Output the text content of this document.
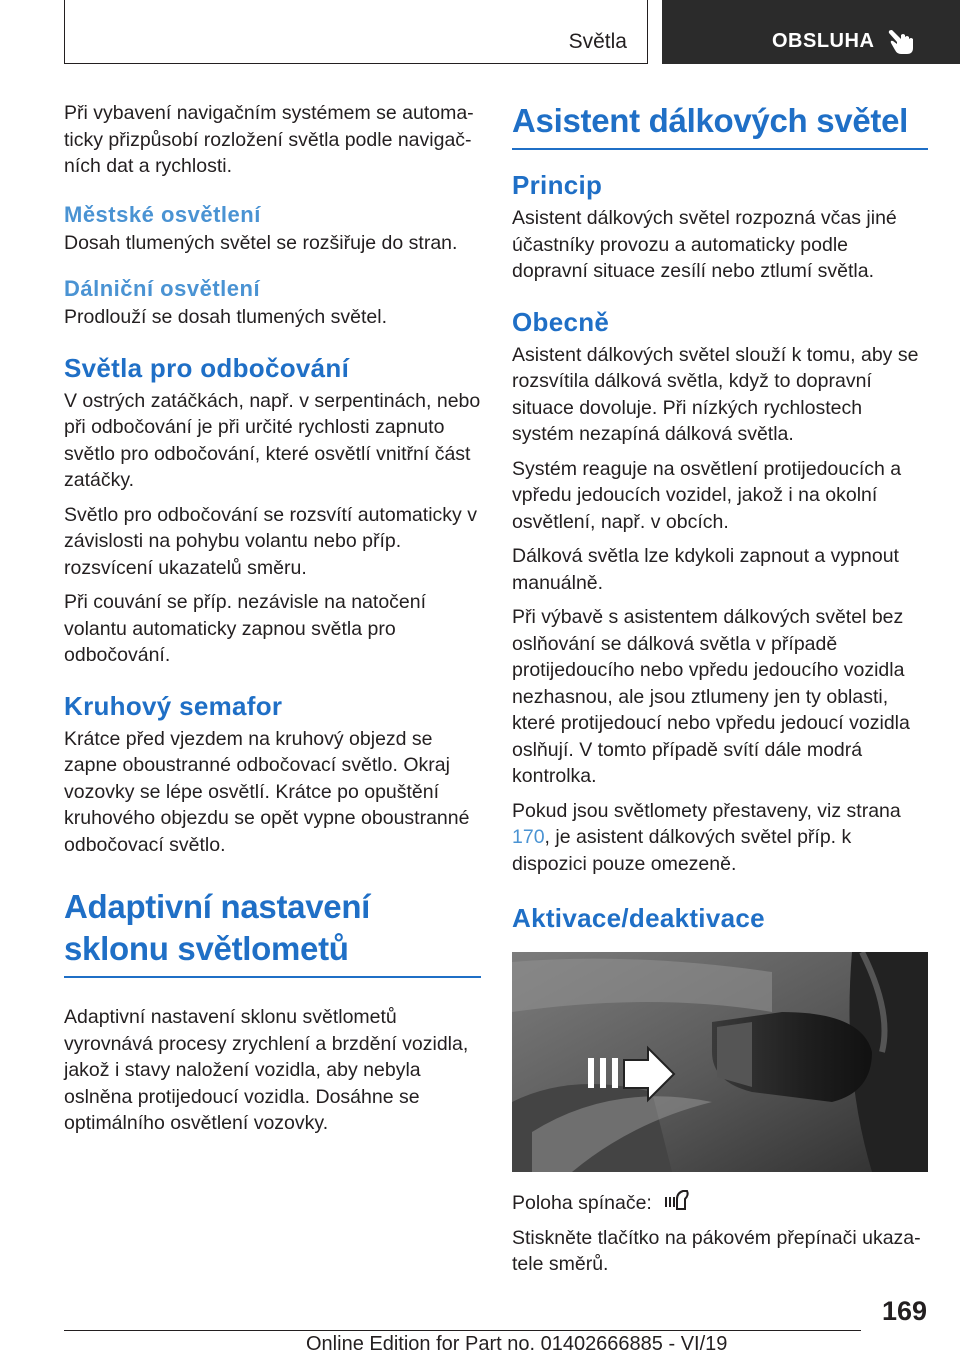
Světla	OBSLUHA

Při vybavení navigačním systémem se automaticky přizpůsobí rozložení světla podle navigačních dat a rychlosti.

Městské osvětlení

Dosah tlumených světel se rozšiřuje do stran.

Dálniční osvětlení

Prodlouží se dosah tlumených světel.

Světla pro odbočování

V ostrých zatáčkách, např. v serpentinách, nebo při odbočování je při určité rychlosti zapnuto světlo pro odbočování, které osvětlí vnitřní část zatáčky.

Světlo pro odbočování se rozsvítí automaticky v závislosti na pohybu volantu nebo příp. rozsvícení ukazatelů směru.

Při couvání se příp. nezávisle na natočení volantu automaticky zapnou světla pro odbočování.

Kruhový semafor

Krátce před vjezdem na kruhový objezd se zapne oboustranné odbočovací světlo. Okraj vozovky se lépe osvětlí. Krátce po opuštění kruhového objezdu se opět vypne oboustranné odbočovací světlo.

Adaptivní nastavení sklonu světlometů

Adaptivní nastavení sklonu světlometů vyrovnává procesy zrychlení a brzdění vozidla, jakož i stavy naložení vozidla, aby nebyla oslněna protijedoucí vozidla. Dosáhne se optimálního osvětlení vozovky.

Asistent dálkových světel
Princip

Asistent dálkových světel rozpozná včas jiné účastníky provozu a automaticky podle dopravní situace zesílí nebo ztlumí světla.

Obecně

Asistent dálkových světel slouží k tomu, aby se rozsvítila dálková světla, když to dopravní situace dovoluje. Při nízkých rychlostech systém nezapíná dálková světla.

Systém reaguje na osvětlení protijedoucích a vpředu jedoucích vozidel, jakož i na okolní osvětlení, např. v obcích.

Dálková světla lze kdykoli zapnout a vypnout manuálně.

Při výbavě s asistentem dálkových světel bez oslňování se dálková světla v případě protijedoucího nebo vpředu jedoucího vozidla nezhasnou, ale jsou ztlumeny jen ty oblasti, které protijedoucí nebo vpředu jedoucí vozidla oslňují. V tomto případě svítí dále modrá kontrolka.

Pokud jsou světlomety přestaveny, viz strana 170, je asistent dálkových světel příp. k dispozici pouze omezeně.

Aktivace/deaktivace

Poloha spínače:

Stiskněte tlačítko na pákovém přepínači ukazatele směrů.

169
Online Edition for Part no. 01402666885 - VI/19
